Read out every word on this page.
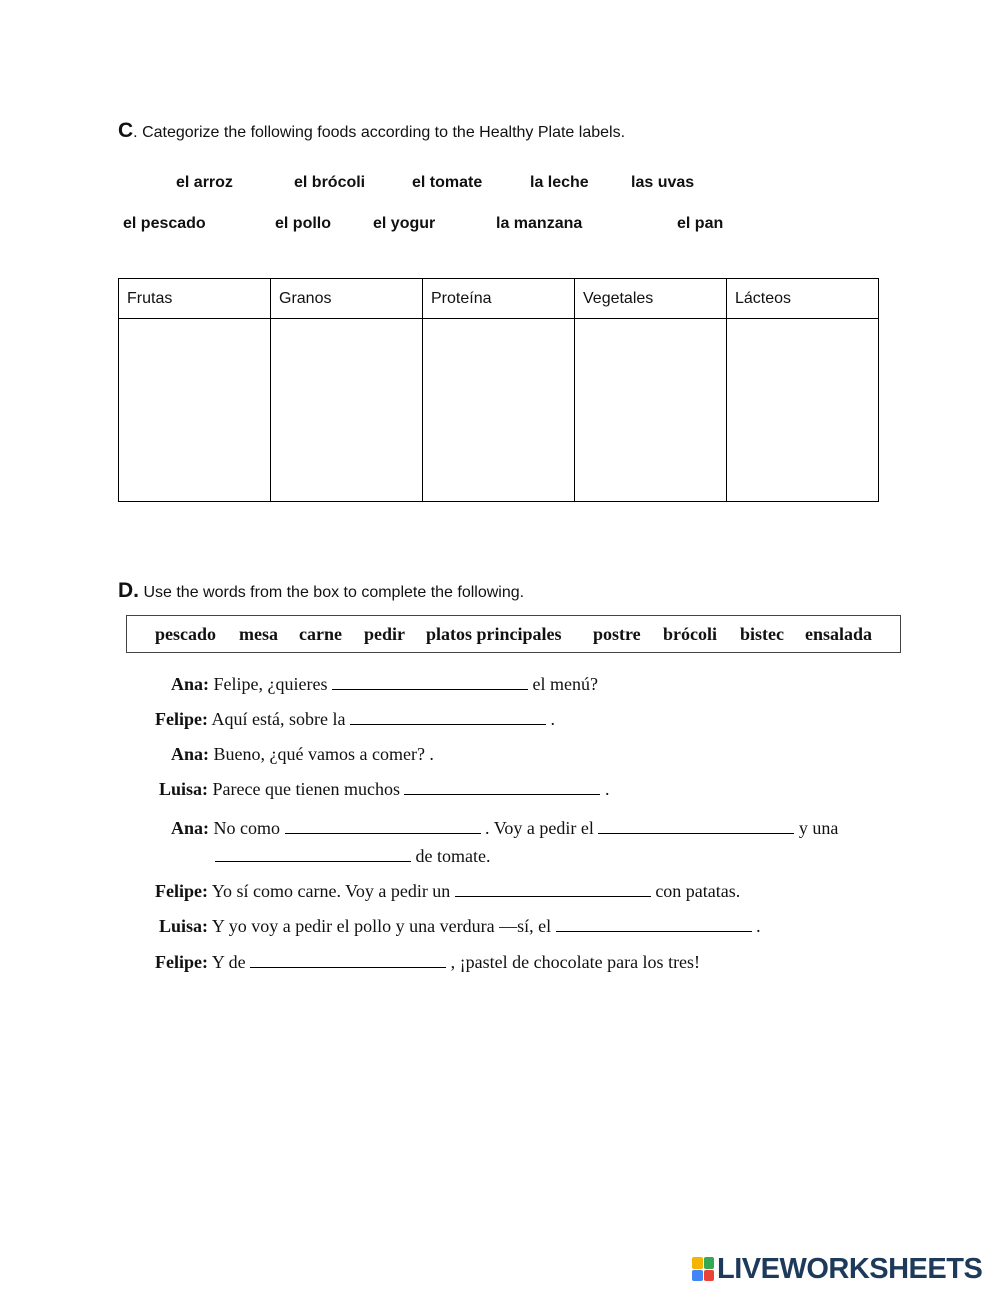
C. Categorize the following foods according to the Healthy Plate labels.
el arroz	el brócoli	el tomate	la leche	las uvas
el pescado	el pollo	el yogur	la manzana	el pan
Frutas	Granos	Proteína	Vegetales	Lácteos

D. Use the words from the box to complete the following.
pescado mesa carne pedir platos principales postre brócoli bistec ensalada
Ana: Felipe, ¿quieres	el menú?
Felipe: Aquí está, sobre la	.
Ana: Bueno, ¿qué vamos a comer? .
Luisa: Parece que tienen muchos	.
Ana: No como	. Voy a pedir el	y una
de tomate.
Felipe: Yo sí como carne. Voy a pedir un	con patatas.
Luisa: Y yo voy a pedir el pollo y una verdura —sí, el	.
Felipe: Y de	, ¡pastel de chocolate para los tres!
LIVEWORKSHEETS
